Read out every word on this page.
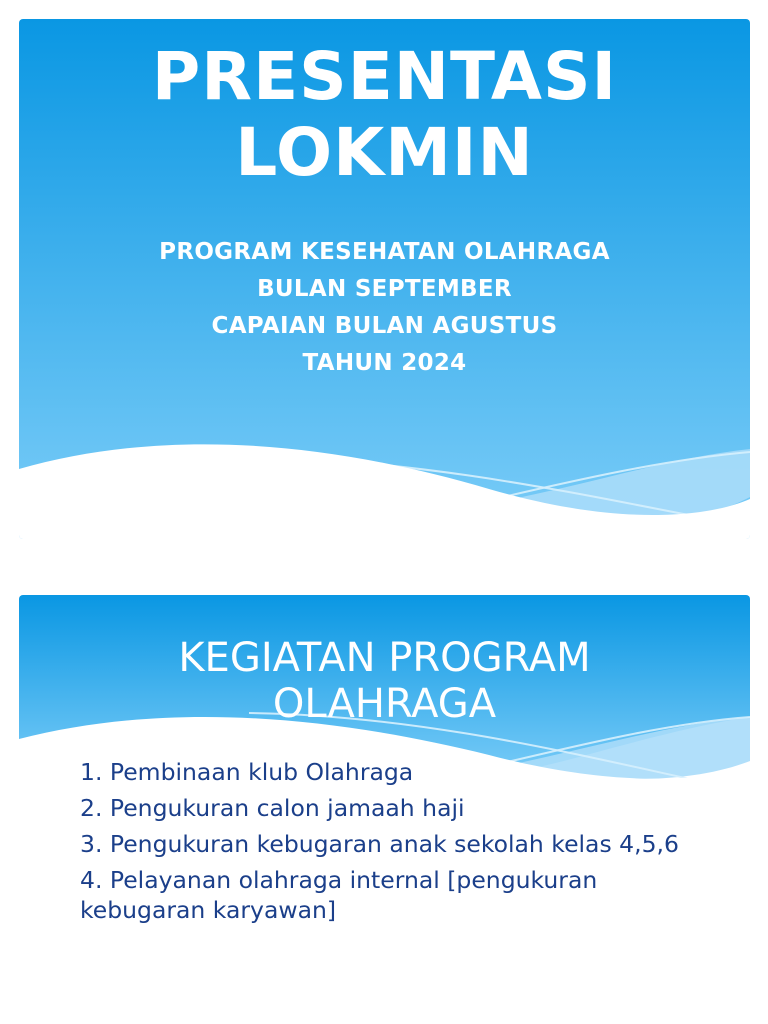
PRESENTASI
LOKMIN
PROGRAM KESEHATAN OLAHRAGA
BULAN SEPTEMBER
CAPAIAN BULAN AGUSTUS
TAHUN 2024
KEGIATAN PROGRAM
OLAHRAGA
1. Pembinaan klub Olahraga
2. Pengukuran calon jamaah haji
3. Pengukuran kebugaran anak sekolah kelas 4,5,6
4. Pelayanan olahraga internal [pengukuran kebugaran karyawan]
